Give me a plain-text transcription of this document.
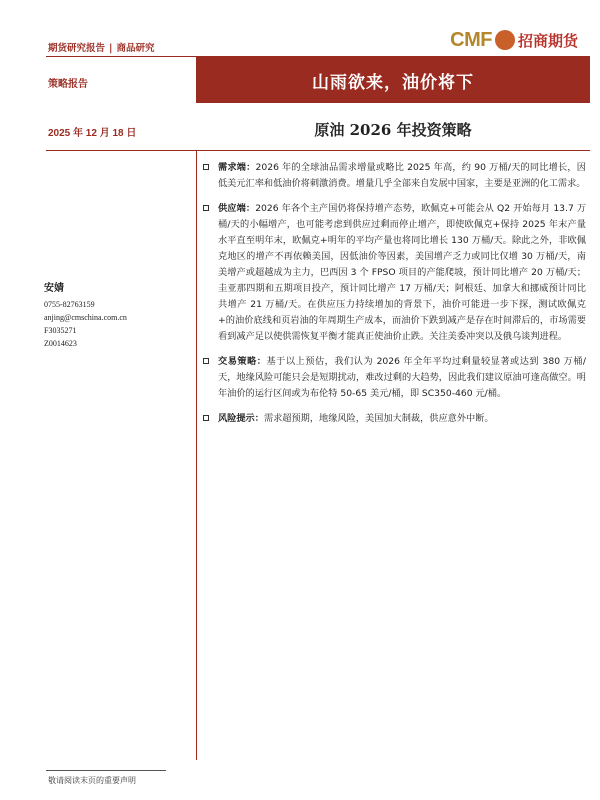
期货研究报告 | 商品研究	CMF 招商期货
策略报告	山雨欲来，油价将下
2025 年 12 月 18 日	原油 2026 年投资策略
安婧
0755-82763159
anjing@cmschina.com.cn
F3035271
Z0014623
需求端：2026 年的全球油品需求增量或略比 2025 年高，约 90 万桶/天的同比增长，因低美元汇率和低油价将刺激消费。增量几乎全部来自发展中国家，主要是亚洲的化工需求。
供应端：2026 年各个主产国仍将保持增产态势，欧佩克+可能会从 Q2 开始每月 13.7 万桶/天的小幅增产，也可能考虑到供应过剩而停止增产，即使欧佩克+保持 2025 年末产量水平直至明年末，欧佩克+明年的平均产量也将同比增长 130 万桶/天。除此之外，非欧佩克地区的增产不再依赖美国，因低油价等因素，美国增产乏力或同比仅增 30 万桶/天，南美增产或超越成为主力，巴西因 3 个 FPSO 项目的产能爬坡，预计同比增产 20 万桶/天；圭亚那四期和五期项目投产，预计同比增产 17 万桶/天；阿根廷、加拿大和挪威预计同比共增产 21 万桶/天。在供应压力持续增加的背景下，油价可能进一步下探，测试欧佩克+的油价底线和页岩油的年周期生产成本，而油价下跌到减产是存在时间滞后的，市场需要看到减产足以使供需恢复平衡才能真正使油价止跌。关注美委冲突以及俄乌谈判进程。
交易策略：基于以上预估，我们认为 2026 年全年平均过剩量较显著或达到 380 万桶/天，地缘风险可能只会是短期扰动，难改过剩的大趋势，因此我们建议原油可逢高做空。明年油价的运行区间或为布伦特 50-65 美元/桶，即 SC350-460 元/桶。
风险提示：需求超预期，地缘风险，美国加大制裁，供应意外中断。
敬请阅读末页的重要声明
